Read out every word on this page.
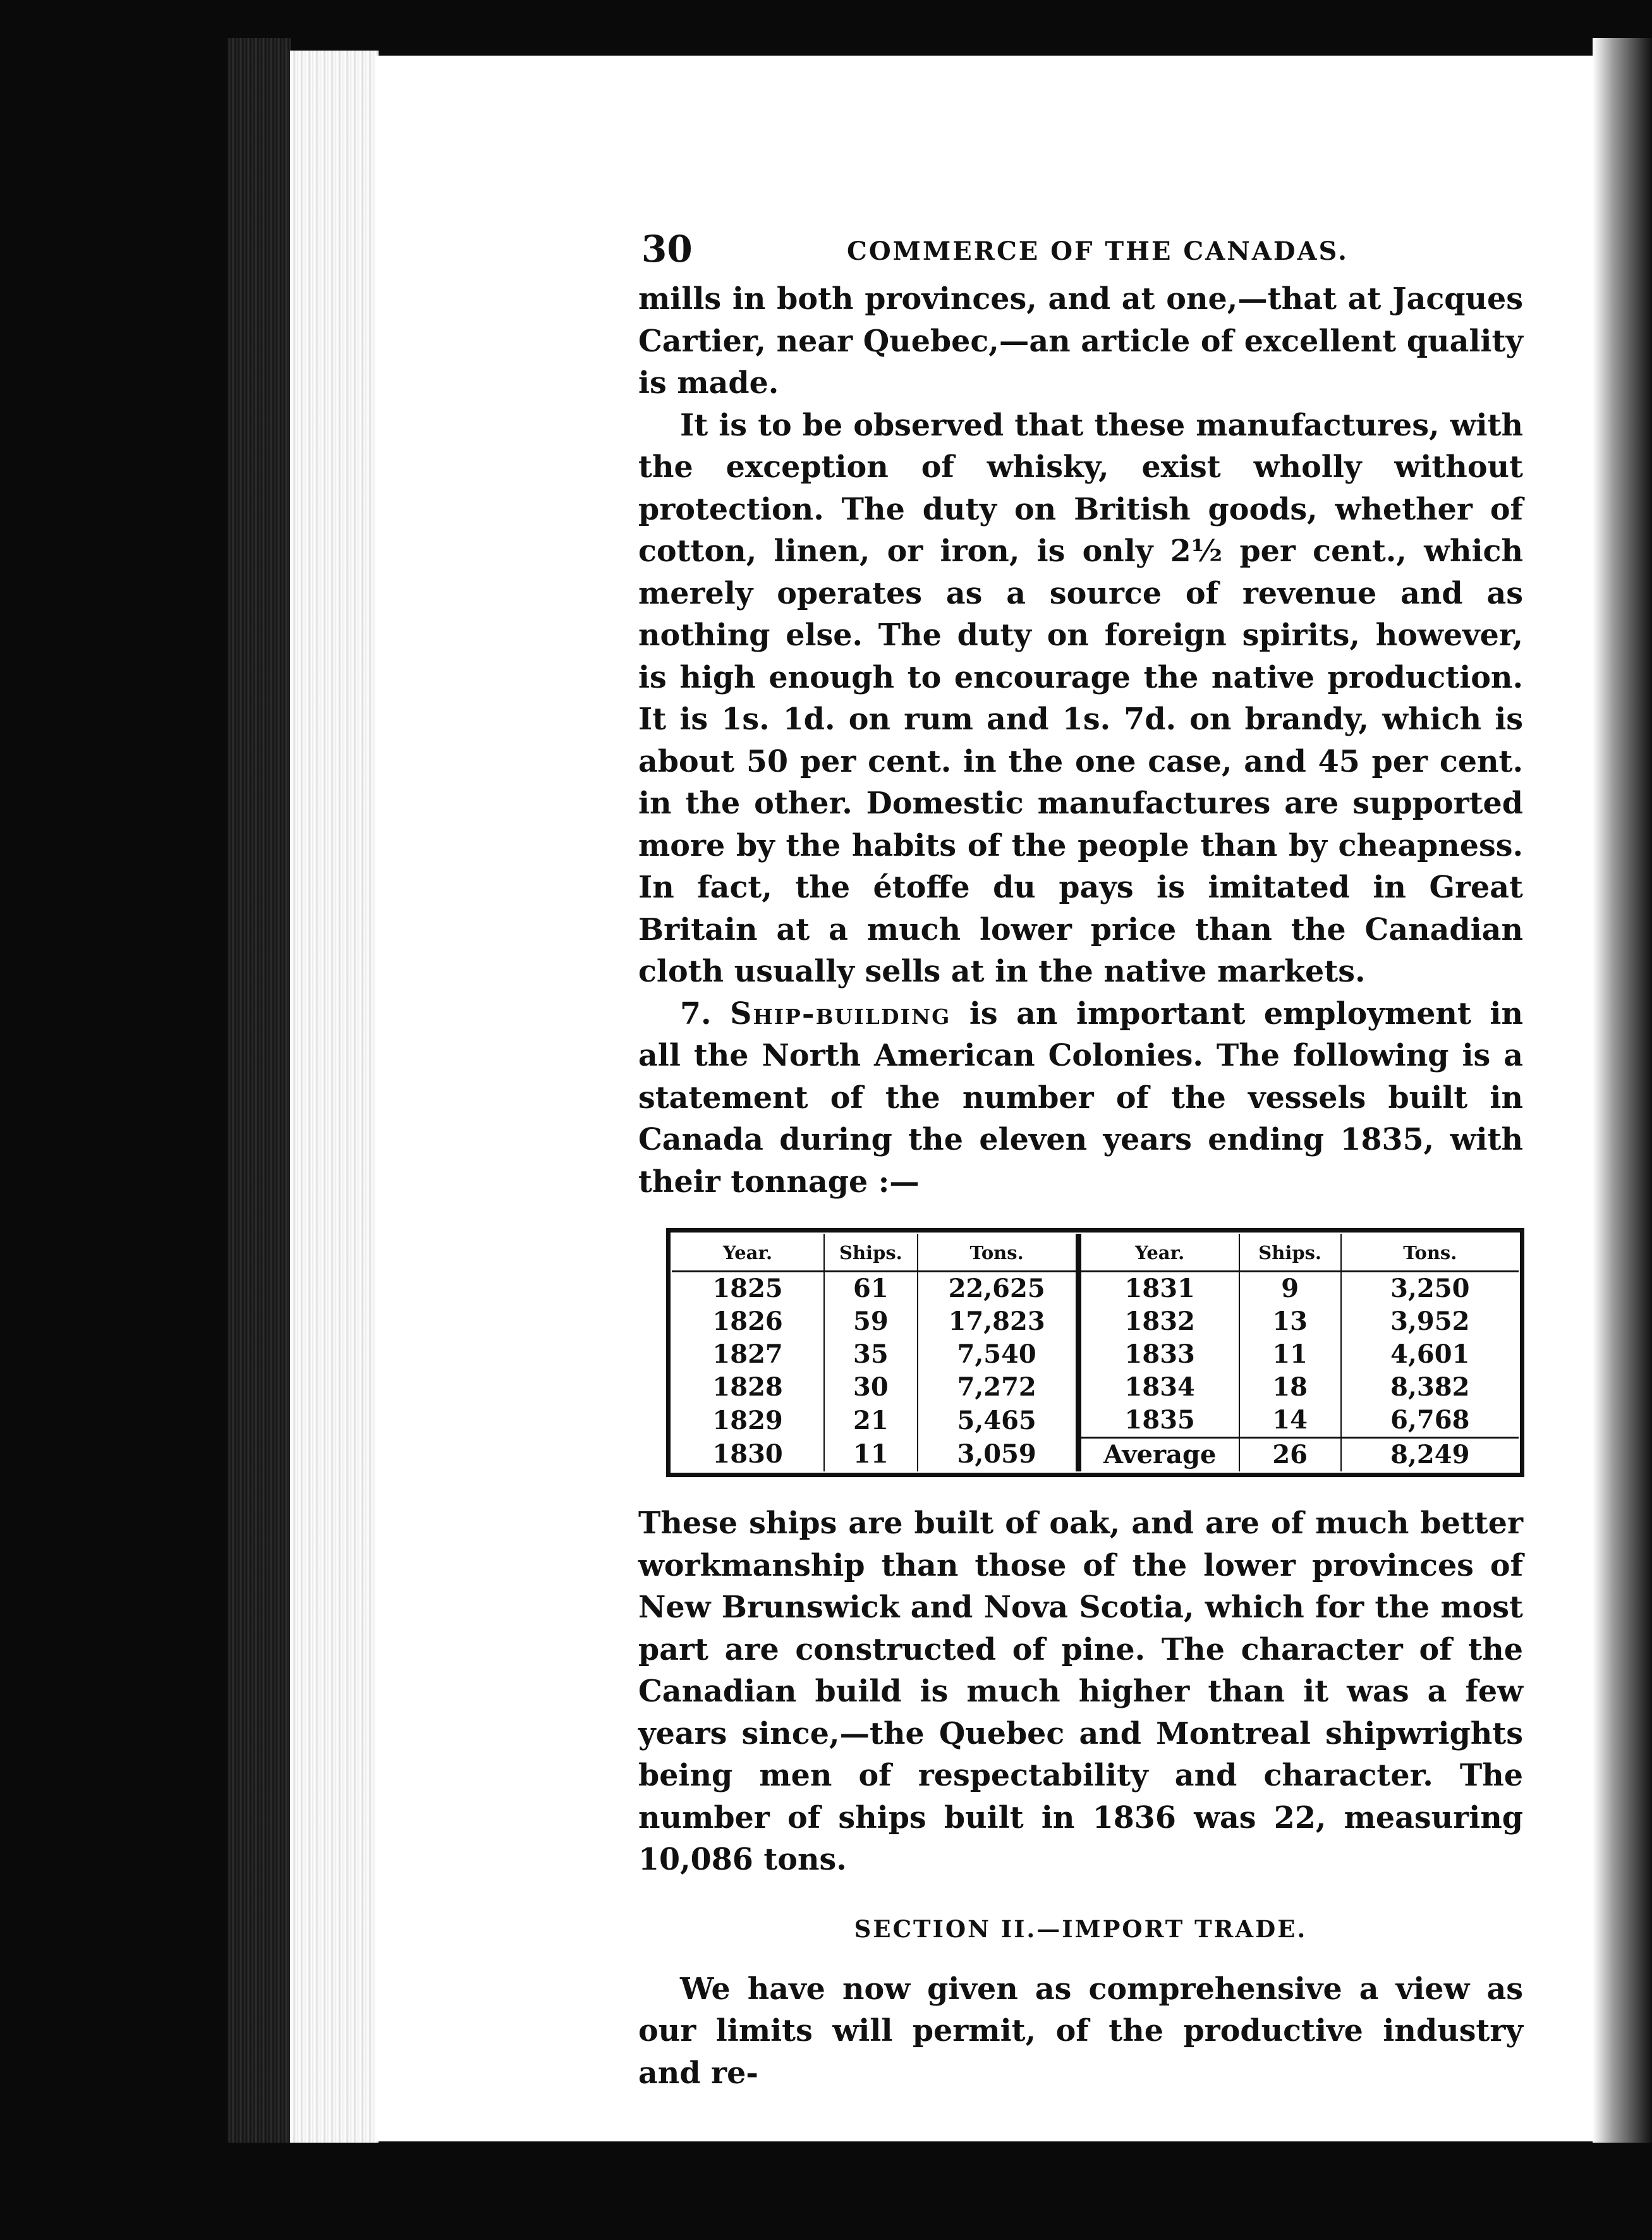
30	COMMERCE OF THE CANADAS.

mills in both provinces, and at one,—that at Jacques Cartier, near Quebec,—an article of excellent quality is made.

It is to be observed that these manufactures, with the exception of whisky, exist wholly without protection. The duty on British goods, whether of cotton, linen, or iron, is only 2½ per cent., which merely operates as a source of revenue and as nothing else. The duty on foreign spirits, however, is high enough to encourage the native production. It is 1s. 1d. on rum and 1s. 7d. on brandy, which is about 50 per cent. in the one case, and 45 per cent. in the other. Domestic manufactures are supported more by the habits of the people than by cheapness. In fact, the étoffe du pays is imitated in Great Britain at a much lower price than the Canadian cloth usually sells at in the native markets.

7. Ship-building is an important employment in all the North American Colonies. The following is a statement of the number of the vessels built in Canada during the eleven years ending 1835, with their tonnage :—

Year.	Ships.	Tons.	Year.	Ships.	Tons.
1825	61	22,625	1831	9	3,250
1826	59	17,823	1832	13	3,952
1827	35	7,540	1833	11	4,601
1828	30	7,272	1834	18	8,382
1829	21	5,465	1835	14	6,768
1830	11	3,059	Average	26	8,249

These ships are built of oak, and are of much better workmanship than those of the lower provinces of New Brunswick and Nova Scotia, which for the most part are constructed of pine. The character of the Canadian build is much higher than it was a few years since,—the Quebec and Montreal shipwrights being men of respectability and character. The number of ships built in 1836 was 22, measuring 10,086 tons.

SECTION II.—IMPORT TRADE.

We have now given as comprehensive a view as our limits will permit, of the productive industry and re-
